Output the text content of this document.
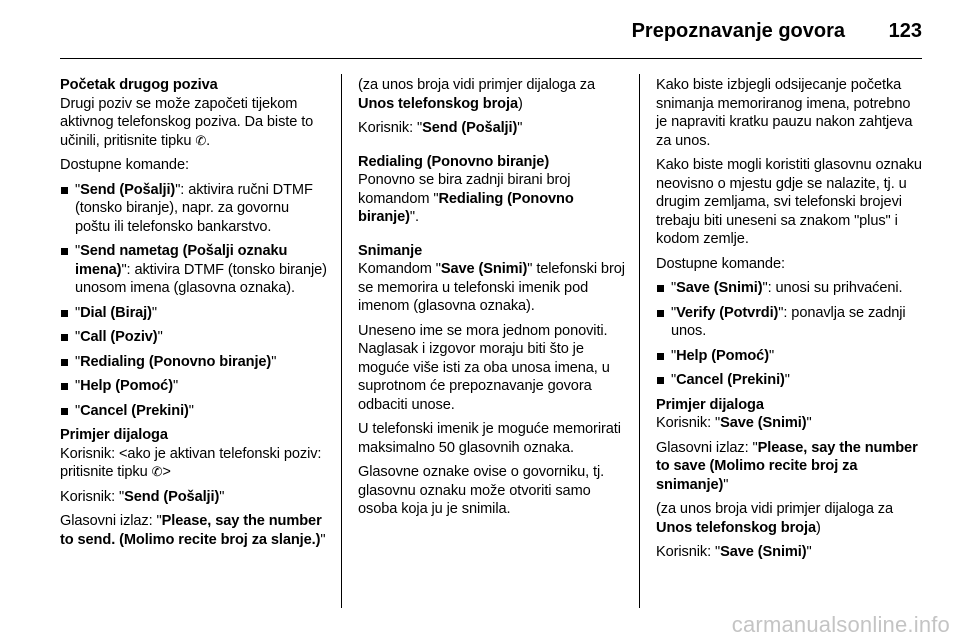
Prepoznavanje govora 123
Početak drugog poziva

Drugi poziv se može započeti tijekom aktivnog telefonskog poziva. Da biste to učinili, pritisnite tipku ✆.

Dostupne komande:

"Send (Pošalji)": aktivira ručni DTMF (tonsko biranje), napr. za govornu poštu ili telefonsko bankarstvo.
"Send nametag (Pošalji oznaku imena)": aktivira DTMF (tonsko biranje) unosom imena (glasovna oznaka).
"Dial (Biraj)"
"Call (Poziv)"
"Redialing (Ponovno biranje)"
"Help (Pomoć)"
"Cancel (Prekini)"
Primjer dijaloga

Korisnik: <ako je aktivan telefonski poziv: pritisnite tipku ✆>

Korisnik: "Send (Pošalji)"

Glasovni izlaz: "Please, say the number to send. (Molimo recite broj za slanje.)"

(za unos broja vidi primjer dijaloga za Unos telefonskog broja)

Korisnik: "Send (Pošalji)"

Redialing (Ponovno biranje)

Ponovno se bira zadnji birani broj komandom "Redialing (Ponovno biranje)".

Snimanje

Komandom "Save (Snimi)" telefonski broj se memorira u telefonski imenik pod imenom (glasovna oznaka).

Uneseno ime se mora jednom ponoviti. Naglasak i izgovor moraju biti što je moguće više isti za oba unosa imena, u suprotnom će prepoznavanje govora odbaciti unose.

U telefonski imenik je moguće memorirati maksimalno 50 glasovnih oznaka.

Glasovne oznake ovise o govorniku, tj. glasovnu oznaku može otvoriti samo osoba koja ju je snimila.

Kako biste izbjegli odsijecanje početka snimanja memoriranog imena, potrebno je napraviti kratku pauzu nakon zahtjeva za unos.

Kako biste mogli koristiti glasovnu oznaku neovisno o mjestu gdje se nalazite, tj. u drugim zemljama, svi telefonski brojevi trebaju biti uneseni sa znakom "plus" i kodom zemlje.

Dostupne komande:

"Save (Snimi)": unosi su prihvaćeni.
"Verify (Potvrdi)": ponavlja se zadnji unos.
"Help (Pomoć)"
"Cancel (Prekini)"
Primjer dijaloga

Korisnik: "Save (Snimi)"

Glasovni izlaz: "Please, say the number to save (Molimo recite broj za snimanje)"

(za unos broja vidi primjer dijaloga za Unos telefonskog broja)

Korisnik: "Save (Snimi)"

carmanualsonline.info
